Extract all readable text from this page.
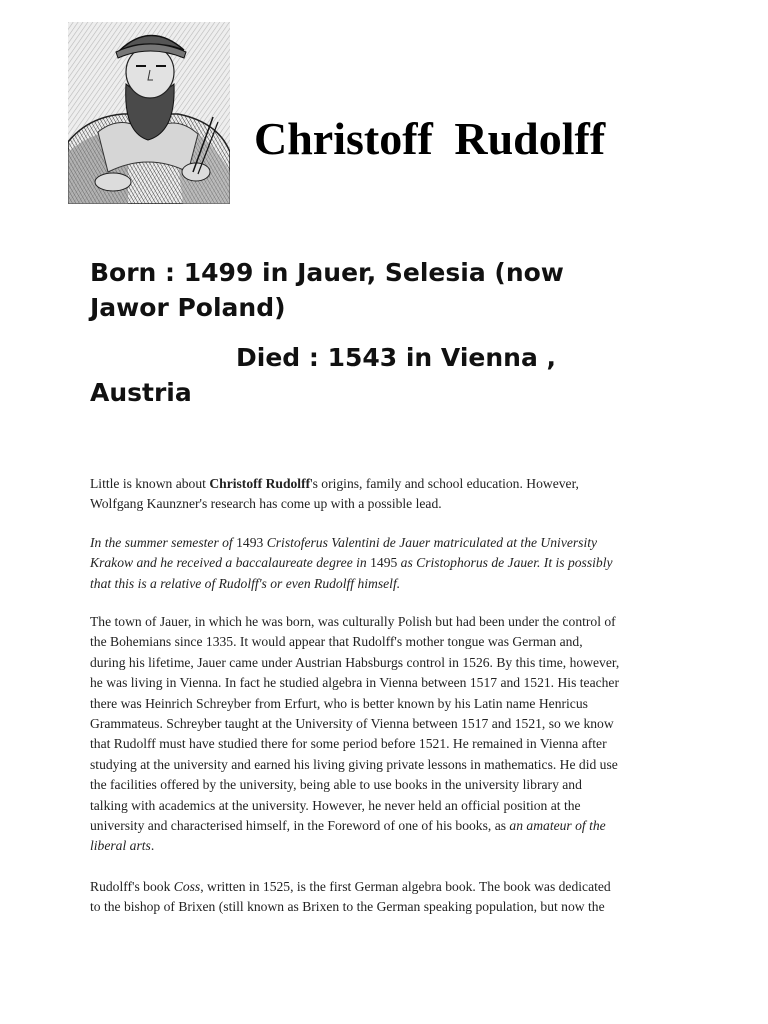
Christoff Rudolff
Born : 1499 in Jauer, Selesia (now
Jawor Poland)
Died : 1543 in Vienna ,
Austria
Little is known about Christoff Rudolff's origins, family and school education. However,
Wolfgang Kaunzner's research has come up with a possible lead.
In the summer semester of 1493 Cristoferus Valentini de Jauer matriculated at the University
Krakow and he received a baccalaureate degree in 1495 as Cristophorus de Jauer. It is possibly
that this is a relative of Rudolff's or even Rudolff himself.
The town of Jauer, in which he was born, was culturally Polish but had been under the control of
the Bohemians since 1335. It would appear that Rudolff's mother tongue was German and,
during his lifetime, Jauer came under Austrian Habsburgs control in 1526. By this time, however,
he was living in Vienna. In fact he studied algebra in Vienna between 1517 and 1521. His teacher
there was Heinrich Schreyber from Erfurt, who is better known by his Latin name Henricus
Grammateus. Schreyber taught at the University of Vienna between 1517 and 1521, so we know
that Rudolff must have studied there for some period before 1521. He remained in Vienna after
studying at the university and earned his living giving private lessons in mathematics. He did use
the facilities offered by the university, being able to use books in the university library and
talking with academics at the university. However, he never held an official position at the
university and characterised himself, in the Foreword of one of his books, as an amateur of the
liberal arts.
Rudolff's book Coss, written in 1525, is the first German algebra book. The book was dedicated
to the bishop of Brixen (still known as Brixen to the German speaking population, but now the
